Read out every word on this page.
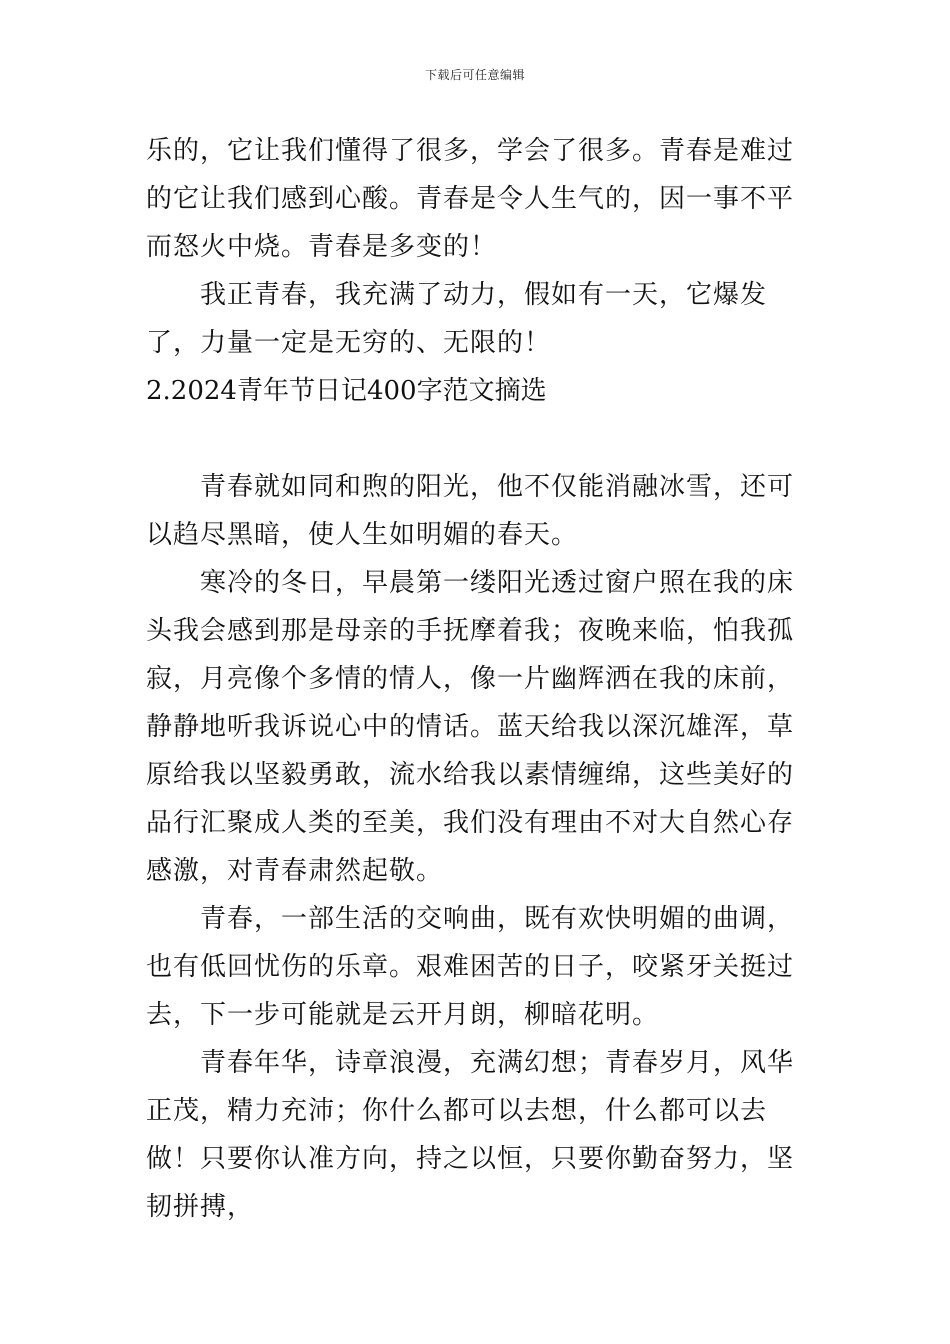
下载后可任意编辑

乐的，它让我们懂得了很多，学会了很多。青春是难过的它让我们感到心酸。青春是令人生气的，因一事不平而怒火中烧。青春是多变的！

我正青春，我充满了动力，假如有一天，它爆发了，力量一定是无穷的、无限的！

2.2024青年节日记400字范文摘选

青春就如同和煦的阳光，他不仅能消融冰雪，还可以趋尽黑暗，使人生如明媚的春天。

寒冷的冬日，早晨第一缕阳光透过窗户照在我的床头我会感到那是母亲的手抚摩着我；夜晚来临，怕我孤寂，月亮像个多情的情人，像一片幽辉洒在我的床前，静静地听我诉说心中的情话。蓝天给我以深沉雄浑，草原给我以坚毅勇敢，流水给我以素情缠绵，这些美好的品行汇聚成人类的至美，我们没有理由不对大自然心存感激，对青春肃然起敬。

青春，一部生活的交响曲，既有欢快明媚的曲调，也有低回忧伤的乐章。艰难困苦的日子，咬紧牙关挺过去，下一步可能就是云开月朗，柳暗花明。

青春年华，诗章浪漫，充满幻想；青春岁月，风华正茂，精力充沛；你什么都可以去想，什么都可以去做！只要你认准方向，持之以恒，只要你勤奋努力，坚韧拼搏，
